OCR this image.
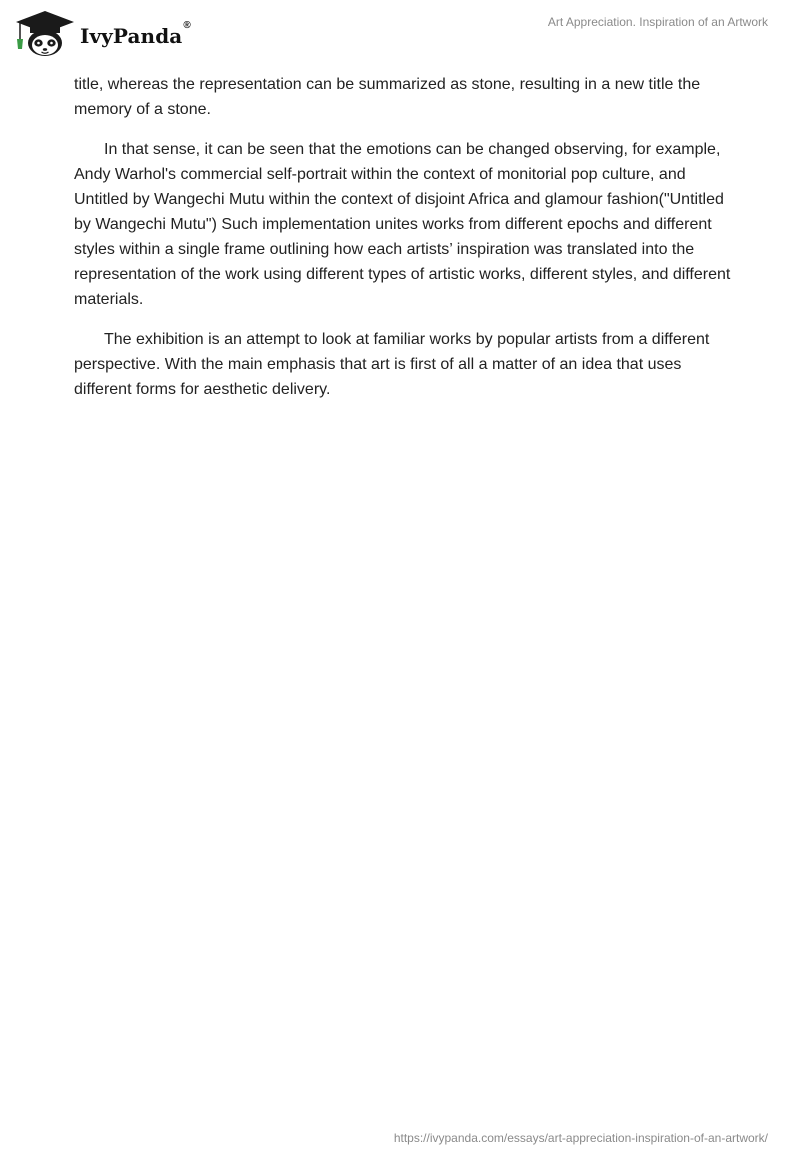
IvyPanda®	Art Appreciation. Inspiration of an Artwork

title, whereas the representation can be summarized as stone, resulting in a new title the memory of a stone.

In that sense, it can be seen that the emotions can be changed observing, for example, Andy Warhol's commercial self-portrait within the context of monitorial pop culture, and Untitled by Wangechi Mutu within the context of disjoint Africa and glamour fashion("Untitled by Wangechi Mutu") Such implementation unites works from different epochs and different styles within a single frame outlining how each artists’ inspiration was translated into the representation of the work using different types of artistic works, different styles, and different materials.

The exhibition is an attempt to look at familiar works by popular artists from a different perspective. With the main emphasis that art is first of all a matter of an idea that uses different forms for aesthetic delivery.

https://ivypanda.com/essays/art-appreciation-inspiration-of-an-artwork/
